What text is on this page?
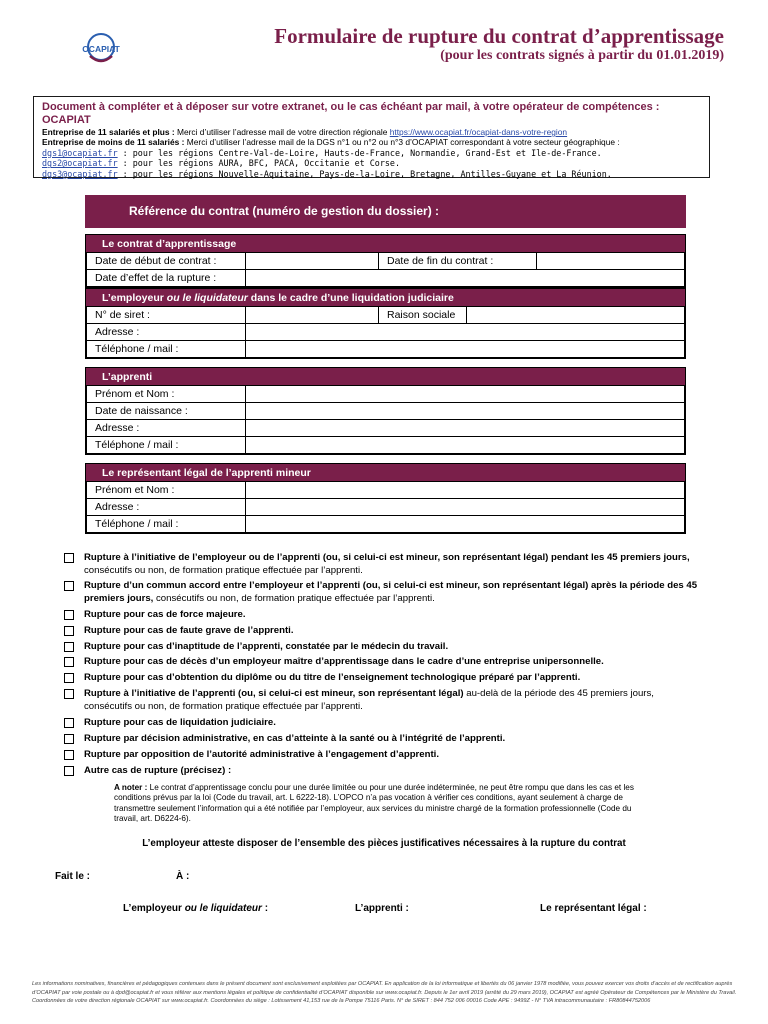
OCAPIAT
Formulaire de rupture du contrat d’apprentissage
(pour les contrats signés à partir du 01.01.2019)
Document à compléter et à déposer sur votre extranet, ou le cas échéant par mail, à votre opérateur de compétences : OCAPIAT
Entreprise de 11 salariés et plus : Merci d’utiliser l’adresse mail de votre direction régionale https://www.ocapiat.fr/ocapiat-dans-votre-region
Entreprise de moins de 11 salariés : Merci d’utiliser l’adresse mail de la DGS n°1 ou n°2 ou n°3 d’OCAPIAT correspondant à votre secteur géographique :
dgs1@ocapiat.fr : pour les régions Centre-Val-de-Loire, Hauts-de-France, Normandie, Grand-Est et Ile-de-France.
dgs2@ocapiat.fr : pour les régions AURA, BFC, PACA, Occitanie et Corse.
dgs3@ocapiat.fr : pour les régions Nouvelle-Aquitaine, Pays-de-la-Loire, Bretagne, Antilles-Guyane et La Réunion.
Référence du contrat (numéro de gestion du dossier) :
Le contrat d’apprentissage
Date de début de contrat :		Date de fin du contrat :	
Date d’effet de la rupture :			
L’employeur ou le liquidateur dans le cadre d’une liquidation judiciaire
N° de siret :		Raison sociale	
Adresse :			
Téléphone / mail :			
L’apprenti
Prénom et Nom :	
Date de naissance :	
Adresse :	
Téléphone / mail :	
Le représentant légal de l’apprenti mineur
Prénom et Nom :	
Adresse :	
Téléphone / mail :	
Rupture à l’initiative de l’employeur ou de l’apprenti (ou, si celui-ci est mineur, son représentant légal) pendant les 45 premiers jours, consécutifs ou non, de formation pratique effectuée par l’apprenti.
Rupture d’un commun accord entre l’employeur et l’apprenti (ou, si celui-ci est mineur, son représentant légal) après la période des 45 premiers jours, consécutifs ou non, de formation pratique effectuée par l’apprenti.
Rupture pour cas de force majeure.
Rupture pour cas de faute grave de l’apprenti.
Rupture pour cas d’inaptitude de l’apprenti, constatée par le médecin du travail.
Rupture pour cas de décès d’un employeur maître d’apprentissage dans le cadre d’une entreprise unipersonnelle.
Rupture pour cas d’obtention du diplôme ou du titre de l’enseignement technologique préparé par l’apprenti.
Rupture à l’initiative de l’apprenti (ou, si celui-ci est mineur, son représentant légal) au-delà de la période des 45 premiers jours, consécutifs ou non, de formation pratique effectuée par l’apprenti.
Rupture pour cas de liquidation judiciaire.
Rupture par décision administrative, en cas d’atteinte à la santé ou à l’intégrité de l’apprenti.
Rupture par opposition de l’autorité administrative à l’engagement d’apprenti.
Autre cas de rupture (précisez) :
A noter : Le contrat d’apprentissage conclu pour une durée limitée ou pour une durée indéterminée, ne peut être rompu que dans les cas et les conditions prévus par la loi (Code du travail, art. L 6222-18). L’OPCO n’a pas vocation à vérifier ces conditions, ayant seulement à charge de transmettre seulement l’information qui a été notifiée par l’employeur, aux services du ministre chargé de la formation professionnelle (Code du travail, art. D6224-6).
L’employeur atteste disposer de l’ensemble des pièces justificatives nécessaires à la rupture du contrat
Fait le :	À :
L’employeur ou le liquidateur :	L’apprenti :	Le représentant légal :
Les informations nominatives, financières et pédagogiques contenues dans le présent document sont exclusivement exploitées par OCAPIAT. En application de la loi informatique et libertés du 06 janvier 1978 modifiée, vous pouvez exercer vos droits d’accès et de rectification auprès d’OCAPIAT par voie postale ou à dpd@ocapiat.fr et vous référer aux mentions légales et politique de confidentialité d’OCAPIAT disponible sur www.ocapiat.fr. Depuis le 1er avril 2019 (arrêté du 29 mars 2019), OCAPIAT est agréé Opérateur de Compétences par le Ministère du Travail. Coordonnées de votre direction régionale OCAPIAT sur www.ocapiat.fr. Coordonnées du siège : Lotissement 41,153 rue de la Pompe 75116 Paris. N° de SIRET : 844 752 006 00016 Code APE : 9499Z - N° TVA intracommunautaire : FR80844752006
